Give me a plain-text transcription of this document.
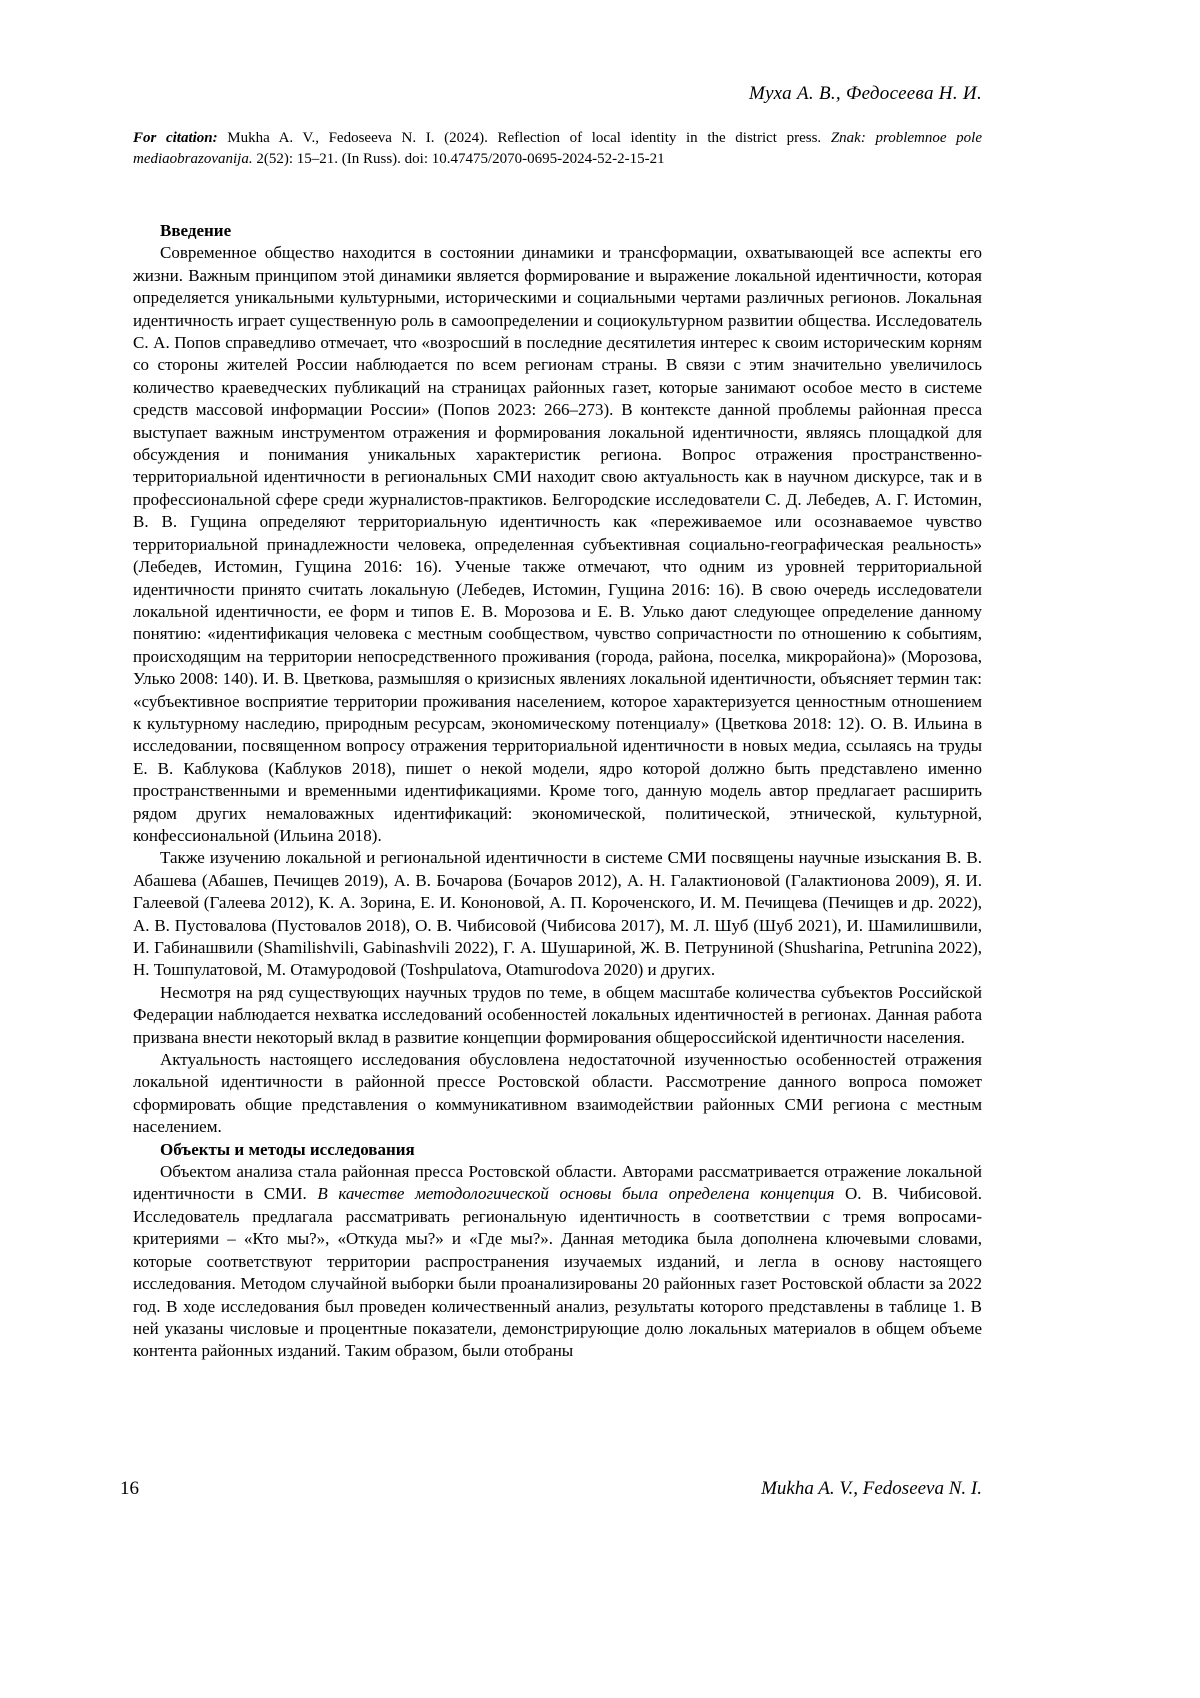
Муха А. В., Федосеева Н. И.
For citation: Mukha A. V., Fedoseeva N. I. (2024). Reflection of local identity in the district press. Znak: problemnoe pole mediaobrazovanija. 2(52): 15–21. (In Russ). doi: 10.47475/2070-0695-2024-52-2-15-21

Введение

Современное общество находится в состоянии динамики и трансформации, охватывающей все аспекты его жизни. Важным принципом этой динамики является формирование и выражение локальной идентичности, которая определяется уникальными культурными, историческими и социальными чертами различных регионов. Локальная идентичность играет существенную роль в самоопределении и социокультурном развитии общества. Исследователь С. А. Попов справедливо отмечает, что «возросший в последние десятилетия интерес к своим историческим корням со стороны жителей России наблюдается по всем регионам страны. В связи с этим значительно увеличилось количество краеведческих публикаций на страницах районных газет, которые занимают особое место в системе средств массовой информации России» (Попов 2023: 266–273). В контексте данной проблемы районная пресса выступает важным инструментом отражения и формирования локальной идентичности, являясь площадкой для обсуждения и понимания уникальных характеристик региона. Вопрос отражения пространственно-территориальной идентичности в региональных СМИ находит свою актуальность как в научном дискурсе, так и в профессиональной сфере среди журналистов-практиков. Белгородские исследователи С. Д. Лебедев, А. Г. Истомин, В. В. Гущина определяют территориальную идентичность как «переживаемое или осознаваемое чувство территориальной принадлежности человека, определенная субъективная социально-географическая реальность» (Лебедев, Истомин, Гущина 2016: 16). Ученые также отмечают, что одним из уровней территориальной идентичности принято считать локальную (Лебедев, Истомин, Гущина 2016: 16). В свою очередь исследователи локальной идентичности, ее форм и типов Е. В. Морозова и Е. В. Улько дают следующее определение данному понятию: «идентификация человека с местным сообществом, чувство сопричастности по отношению к событиям, происходящим на территории непосредственного проживания (города, района, поселка, микрорайона)» (Морозова, Улько 2008: 140). И. В. Цветкова, размышляя о кризисных явлениях локальной идентичности, объясняет термин так: «субъективное восприятие территории проживания населением, которое характеризуется ценностным отношением к культурному наследию, природным ресурсам, экономическому потенциалу» (Цветкова 2018: 12). О. В. Ильина в исследовании, посвященном вопросу отражения территориальной идентичности в новых медиа, ссылаясь на труды Е. В. Каблукова (Каблуков 2018), пишет о некой модели, ядро которой должно быть представлено именно пространственными и временными идентификациями. Кроме того, данную модель автор предлагает расширить рядом других немаловажных идентификаций: экономической, политической, этнической, культурной, конфессиональной (Ильина 2018).

Также изучению локальной и региональной идентичности в системе СМИ посвящены научные изыскания В. В. Абашева (Абашев, Печищев 2019), А. В. Бочарова (Бочаров 2012), А. Н. Галактионовой (Галактионова 2009), Я. И. Галеевой (Галеева 2012), К. А. Зорина, Е. И. Кононовой, А. П. Короченского, И. М. Печищева (Печищев и др. 2022), А. В. Пустовалова (Пустовалов 2018), О. В. Чибисовой (Чибисова 2017), М. Л. Шуб (Шуб 2021), И. Шамилишвили, И. Габинашвили (Shamilishvili, Gabinashvili 2022), Г. А. Шушариной, Ж. В. Петруниной (Shusharina, Petrunina 2022), Н. Тошпулатовой, М. Отамуродовой (Toshpulatova, Otamurodova 2020) и других.

Несмотря на ряд существующих научных трудов по теме, в общем масштабе количества субъектов Российской Федерации наблюдается нехватка исследований особенностей локальных идентичностей в регионах. Данная работа призвана внести некоторый вклад в развитие концепции формирования общероссийской идентичности населения.

Актуальность настоящего исследования обусловлена недостаточной изученностью особенностей отражения локальной идентичности в районной прессе Ростовской области. Рассмотрение данного вопроса поможет сформировать общие представления о коммуникативном взаимодействии районных СМИ региона с местным населением.

Объекты и методы исследования

Объектом анализа стала районная пресса Ростовской области. Авторами рассматривается отражение локальной идентичности в СМИ. В качестве методологической основы была определена концепция О. В. Чибисовой. Исследователь предлагала рассматривать региональную идентичность в соответствии с тремя вопросами-критериями – «Кто мы?», «Откуда мы?» и «Где мы?». Данная методика была дополнена ключевыми словами, которые соответствуют территории распространения изучаемых изданий, и легла в основу настоящего исследования. Методом случайной выборки были проанализированы 20 районных газет Ростовской области за 2022 год. В ходе исследования был проведен количественный анализ, результаты которого представлены в таблице 1. В ней указаны числовые и процентные показатели, демонстрирующие долю локальных материалов в общем объеме контента районных изданий. Таким образом, были отобраны

16	Mukha A. V., Fedoseeva N. I.
